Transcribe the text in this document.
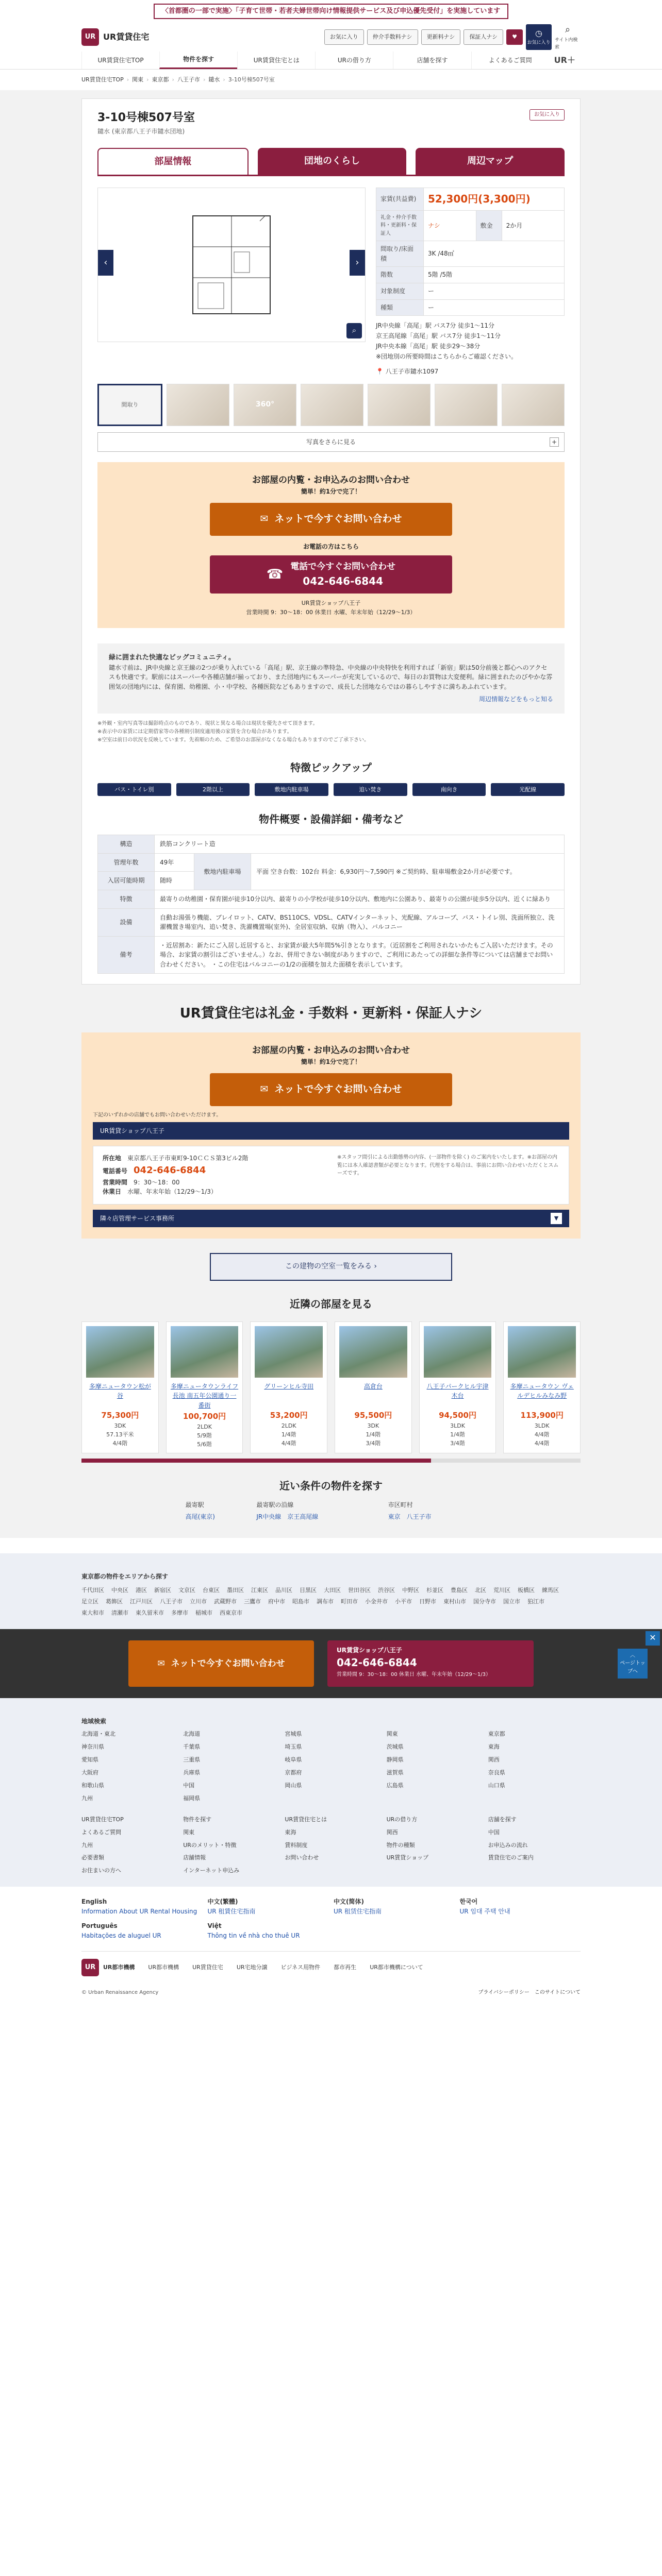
〈首都圏の一部で実施〉「子育て世帯・若者夫婦世帯向け情報提供サービス及び申込優先受付」を実施しています
UR UR賃貸住宅	お気に入り	仲介手数料ナシ	更新料ナシ	保証人ナシ	♥ ◷
お気に入り
⌕
サイト内検索
UR賃貸住宅TOP	物件を探す	UR賃貸住宅とは	URの借り方	店舗を探す	よくあるご質問	UR＋
UR賃貸住宅TOP › 関東 › 東京都 › 八王子市 › 鑓水 › 3-10号棟507号室
3-10号棟507号室
鑓水 (東京都八王子市鑓水団地)
お気に入り
部屋情報	団地のくらし	周辺マップ
‹	›
⌕
家賃(共益費)	52,300円(3,300円)		
礼金・仲介手数料・更新料・保証人	ナシ	敷金	2か月
間取り/床面積	3K /48㎡		
階数	5階 /5階		
対象制度	ー		
種類	ー		
JR中央線「高尾」駅 バス7分 徒歩1～11分
京王高尾線「高尾」駅 バス7分 徒歩1～11分
JR中央本線「高尾」駅 徒歩29～38分
※団地別の所要時間はこちらからご確認ください。
📍 八王子市鑓水1097
間取り	360°
写真をさらに見る	+
お部屋の内覧・お申込みのお問い合わせ
簡単！約1分で完了！
✉ ネットで今すぐお問い合わせ
お電話の方はこちら
☎
電話で今すぐお問い合わせ
042-646-6844
UR賃貸ショップ八王子
営業時間 9：30～18：00 休業日 水曜、年末年始（12/29～1/3）
緑に囲まれた快適なビッグコミュニティ。

鑓水寸前は、JR中央線と京王線の2つが乗り入れている「高尾」駅、京王線の準特急、中央線の中央特快を利用すれば「新宿」駅は50分前後と都心へのアクセスも快適です。駅前にはスーパーや各種店舗が揃っており、また団地内にもスーパーが充実しているので、毎日のお買物は大変便利。緑に囲まれたのびやかな雰囲気の団地内には、保育園、幼稚園、小・中学校、各種医院などもありますので、成長した団地ならではの暮らしやすさに満ちあふれています。

周辺情報などをもっと知る
※外観・室内写真等は撮影時点のものであり、現状と異なる場合は現状を優先させて頂きます。
※表示中の家賃には定期借家等の各種割引制度適用後の家賃を含む場合があります。
※空室は前日の状況を反映しています。先着順のため、ご希望のお部屋がなくなる場合もありますのでご了承下さい。
特徴ピックアップ
バス・トイレ別	2階以上	敷地内駐車場	追い焚き	南向き	光配線
物件概要・設備詳細・備考など
構造	鉄筋コンクリート造		
管理年数	49年	敷地内駐車場	平面 空き台数：102台 料金：6,930円〜7,590円 ※ご契約時、駐車場敷金2か月が必要です。
入居可能時期	随時		
特徴	最寄りの幼稚園・保育園が徒歩10分以内、最寄りの小学校が徒歩10分以内、敷地内に公園あり、最寄りの公園が徒歩5分以内、近くに緑あり		
設備	自動お湯張り機能、ブレイロット、CATV、BS110CS、VDSL、CATVインターネット、光配線、アルコーブ、バス・トイレ別、洗面所独立、洗濯機置き場室内、追い焚き、洗濯機置場(室外)、全居室収納、収納（物入）、バルコニー		
備考	・近居割あ：新たにご入居し近居すると、お家賃が最大5年間5%引きとなります。（近居割をご利用されないかたもご入居いただけます。その場合、お家賃の割引はございません。）なお、併用できない制度がありますので、ご利用にあたっての詳細な条件等については店舗までお問い合わせください。 ・この住宅はバルコニーの1/2の面積を加えた面積を表示しています。		
UR賃貸住宅は礼金・手数料・更新料・保証人ナシ
お部屋の内覧・お申込みのお問い合わせ
簡単！約1分で完了！
✉ ネットで今すぐお問い合わせ
下記のいずれかの店舗でもお問い合わせいただけます。
UR賃貸ショップ八王子
所在地　 東京都八王子市東町9-10ＣＣＳ第3ビル2階
電話番号　 042-646-6844
営業時間　 9：30～18：00
休業日　 水曜、年末年始（12/29～1/3）
※スタッフ間引による出勤態勢の内容、(一部物件を除く) のご案内をいたします。※お部屋の内覧には本人確認書類が必要となります。代理をする場合は、事前にお問い合わせいただくとスムーズです。
隣々店管理サービス事務所	▼
この建物の空室一覧をみる ›
近隣の部屋を見る
多摩ニュータウン松が谷
75,300円
3DK
57.13平米
4/4階
多摩ニュータウンライフ長池 南五年公園通り一番街
100,700円
2LDK
5/9階
5/6階
グリーンヒル寺田
53,200円
2LDK
1/4階
4/4階
高倉台
95,500円
3DK
1/4階
3/4階
八王子パークヒル宇津木台
94,500円
3LDK
1/4階
3/4階
多摩ニュータウン ヴェルデヒルみなみ野
113,900円
3LDK
4/4階
4/4階
近い条件の物件を探す
最寄駅	最寄駅の沿線	市区町村
高尾(東京)	JR中央線　京王高尾線	東京　八王子市
東京都の物件をエリアから探す
千代田区 中央区 港区 新宿区 文京区 台東区 墨田区 江東区 品川区 目黒区 大田区 世田谷区 渋谷区 中野区 杉並区 豊島区 北区 荒川区 板橋区 練馬区足立区 葛飾区 江戸川区 八王子市 立川市 武蔵野市 三鷹市 府中市 昭島市 調布市 町田市 小金井市 小平市 日野市 東村山市 国分寺市 国立市 狛江市東大和市 清瀬市 東久留米市 多摩市 稲城市 西東京市
✕
✉ ネットで今すぐお問い合わせ
UR賃貸ショップ八王子
042-646-6844
営業時間 9：30～18：00 休業日 水曜、年末年始（12/29～1/3）
︿
ページトップへ
地域検索
北海道・東北	北海道	宮城県	関東	東京都
神奈川県	千葉県	埼玉県	茨城県	東海
愛知県	三重県	岐阜県	静岡県	関西
大阪府	兵庫県	京都府	滋賀県	奈良県
和歌山県	中国	岡山県	広島県	山口県
九州	福岡県
UR賃貸住宅TOP	物件を探す	UR賃貸住宅とは	URの借り方	店舗を探す
よくあるご質問	関東	東海	関西	中国
九州	URのメリット・特徴	賃料制度	物件の種類	お申込みの流れ
必要書類	店舗情報	お問い合わせ	UR賃貸ショップ	賃貸住宅のご案内
お住まいの方へ	インターネット申込み
English
Information About UR Rental Housing
中文(繁體)
UR 租賃住宅指南
中文(简体)
UR 租赁住宅指南
한국어
UR 임대 주택 안내
Português
Habitações de aluguel UR
Việt
Thông tin về nhà cho thuê UR
UR	UR都市機構 UR都市機構 UR賃貸住宅 UR宅地分譲 ビジネス用物件 都市再生 UR都市機構について
© Urban Renaissance Agency	プライバシーポリシー　 このサイトについて
